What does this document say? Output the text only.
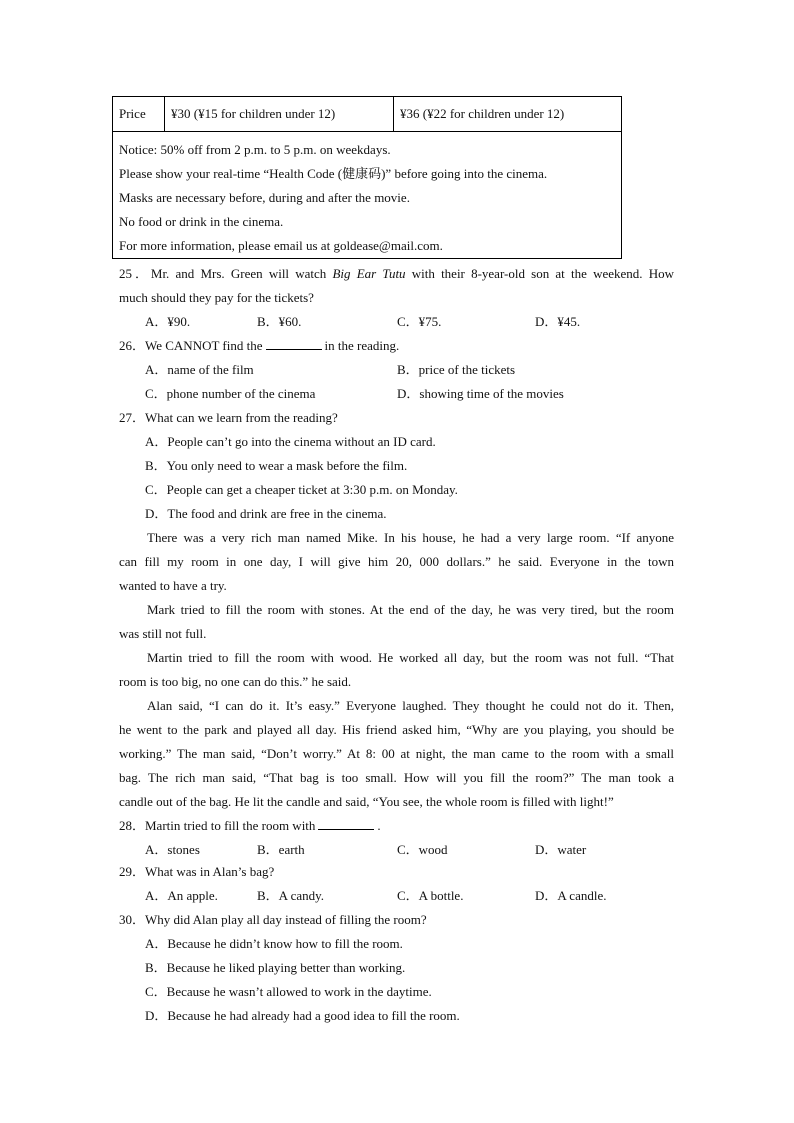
Price	¥30 (¥15 for children under 12)	¥36 (¥22 for children under 12)
Notice: 50% off from 2 p.m. to 5 p.m. on weekdays.
Please show your real-time “Health Code (健康码)” before going into the cinema.
Masks are necessary before, during and after the movie.
No food or drink in the cinema.
For more information, please email us at goldease@mail.com.
25．Mr. and Mrs. Green will watch Big Ear Tutu with their 8-year-old son at the weekend. How
much should they pay for the tickets?
A．¥90.	B．¥60.	C．¥75.	D．¥45.
26．We CANNOT find the	in the reading.
A．name of the film	B．price of the tickets
C．phone number of the cinema	D．showing time of the movies
27．What can we learn from the reading?
A．People can’t go into the cinema without an ID card.
B．You only need to wear a mask before the film.
C．People can get a cheaper ticket at 3:30 p.m. on Monday.
D．The food and drink are free in the cinema.
There was a very rich man named Mike. In his house, he had a very large room. “If anyone
can fill my room in one day, I will give him 20, 000 dollars.” he said. Everyone in the town
wanted to have a try.
Mark tried to fill the room with stones. At the end of the day, he was very tired, but the room
was still not full.
Martin tried to fill the room with wood. He worked all day, but the room was not full. “That
room is too big, no one can do this.” he said.
Alan said, “I can do it. It’s easy.” Everyone laughed. They thought he could not do it. Then,
he went to the park and played all day. His friend asked him, “Why are you playing, you should be
working.” The man said, “Don’t worry.” At 8: 00 at night, the man came to the room with a small
bag. The rich man said, “That bag is too small. How will you fill the room?” The man took a
candle out of the bag. He lit the candle and said, “You see, the whole room is filled with light!”
28．Martin tried to fill the room with	.
A．stones	B．earth	C．wood	D．water
29．What was in Alan’s bag?
A．An apple.	B．A candy.	C．A bottle.	D．A candle.
30．Why did Alan play all day instead of filling the room?
A．Because he didn’t know how to fill the room.
B．Because he liked playing better than working.
C．Because he wasn’t allowed to work in the daytime.
D．Because he had already had a good idea to fill the room.
